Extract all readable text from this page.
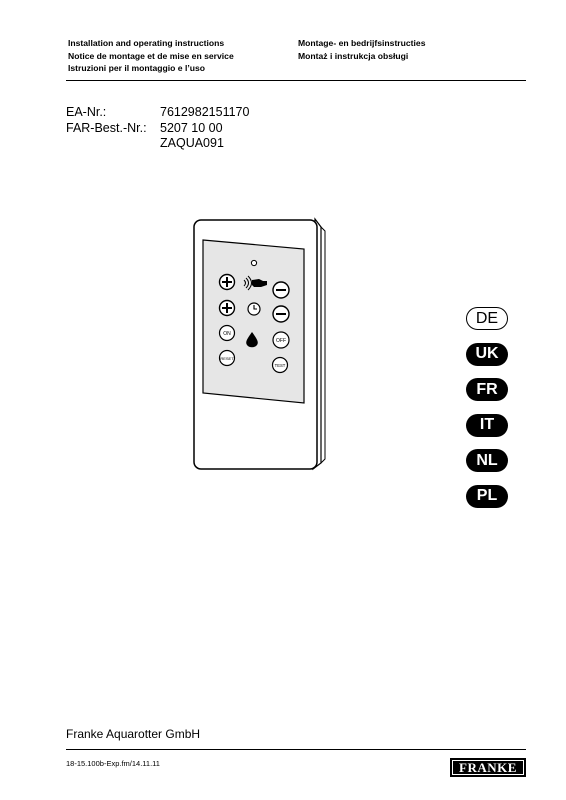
Installation and operating instructions
Notice de montage et de mise en service
Istruzioni per il montaggio e l’uso
Montage- en bedrijfsinstructies
Montaż i instrukcja obsługi
EA-Nr.:
FAR-Best.-Nr.:
7612982151170
5207 10 00
ZAQUA091
ON
OFF
RESET
TEST
DE
UK
FR
IT
NL
PL
Franke Aquarotter GmbH
18-15.100b-Exp.fm/14.11.11	FRANKE
